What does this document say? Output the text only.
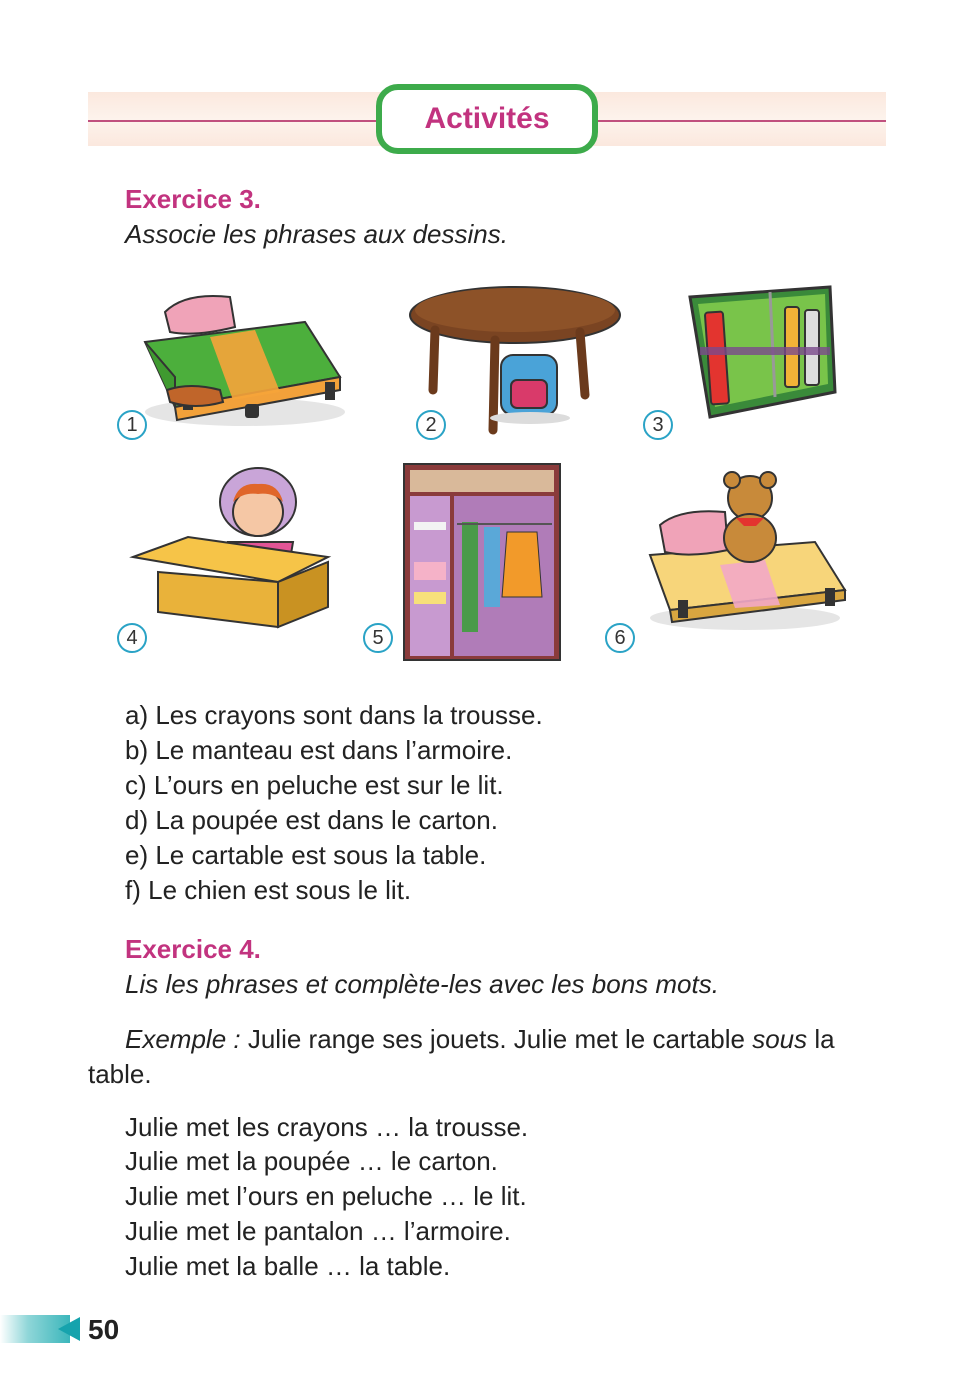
Activités
Exercice 3.
Associe les phrases aux dessins.
1	2	3
4	5	6
a) Les crayons sont dans la trousse.
b) Le manteau est dans l’armoire.
c) L’ours en peluche est sur le lit.
d) La poupée est dans le carton.
e) Le cartable est sous la table.
f) Le chien est sous le lit.
Exercice 4.
Lis les phrases et complète-les avec les bons mots.
Exemple : Julie range ses jouets. Julie met le cartable sous la table.
Julie met les crayons … la trousse.
Julie met la poupée … le carton.
Julie met l’ours en peluche … le lit.
Julie met le pantalon … l’armoire.
Julie met la balle … la table.
50
